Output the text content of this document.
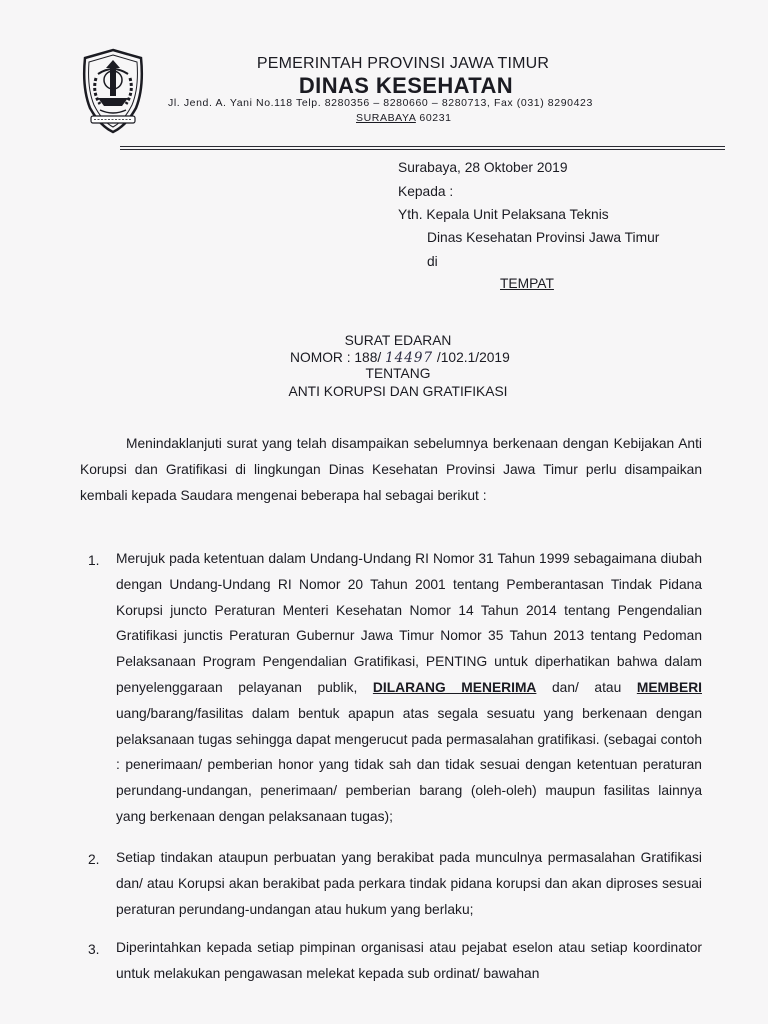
PEMERINTAH PROVINSI JAWA TIMUR
DINAS KESEHATAN
Jl. Jend. A. Yani No.118 Telp. 8280356 – 8280660 – 8280713, Fax (031) 8290423
SURABAYA 60231
Surabaya, 28 Oktober 2019
Kepada :
Yth. Kepala Unit Pelaksana Teknis
Dinas Kesehatan Provinsi Jawa Timur
di
TEMPAT
SURAT EDARAN
NOMOR : 188/ 14497 /102.1/2019
TENTANG
ANTI KORUPSI DAN GRATIFIKASI
Menindaklanjuti surat yang telah disampaikan sebelumnya berkenaan dengan Kebijakan Anti Korupsi dan Gratifikasi di lingkungan Dinas Kesehatan Provinsi Jawa Timur perlu disampaikan kembali kepada Saudara mengenai beberapa hal sebagai berikut :
1. Merujuk pada ketentuan dalam Undang-Undang RI Nomor 31 Tahun 1999 sebagaimana diubah dengan Undang-Undang RI Nomor 20 Tahun 2001 tentang Pemberantasan Tindak Pidana Korupsi juncto Peraturan Menteri Kesehatan Nomor 14 Tahun 2014 tentang Pengendalian Gratifikasi junctis Peraturan Gubernur Jawa Timur Nomor 35 Tahun 2013 tentang Pedoman Pelaksanaan Program Pengendalian Gratifikasi, PENTING untuk diperhatikan bahwa dalam penyelenggaraan pelayanan publik, DILARANG MENERIMA dan/ atau MEMBERI uang/barang/fasilitas dalam bentuk apapun atas segala sesuatu yang berkenaan dengan pelaksanaan tugas sehingga dapat mengerucut pada permasalahan gratifikasi. (sebagai contoh : penerimaan/ pemberian honor yang tidak sah dan tidak sesuai dengan ketentuan peraturan perundang-undangan, penerimaan/ pemberian barang (oleh-oleh) maupun fasilitas lainnya yang berkenaan dengan pelaksanaan tugas);
2. Setiap tindakan ataupun perbuatan yang berakibat pada munculnya permasalahan Gratifikasi dan/ atau Korupsi akan berakibat pada perkara tindak pidana korupsi dan akan diproses sesuai peraturan perundang-undangan atau hukum yang berlaku;
3. Diperintahkan kepada setiap pimpinan organisasi atau pejabat eselon atau setiap koordinator untuk melakukan pengawasan melekat kepada sub ordinat/ bawahan
